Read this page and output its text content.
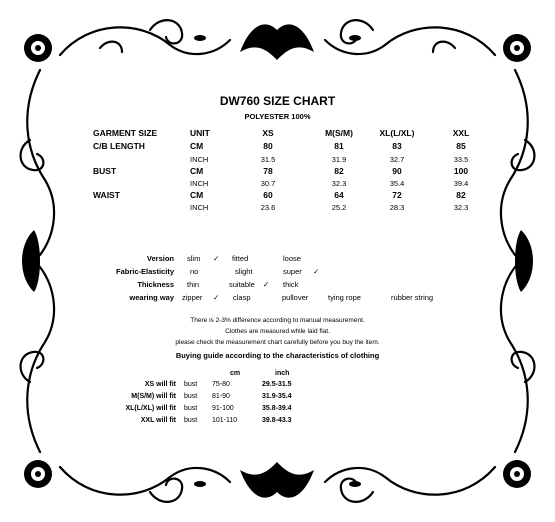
DW760 SIZE CHART
POLYESTER 100%
GARMENT SIZE	UNIT	XS	M(S/M)	XL(L/XL)	XXL
C/B LENGTH	CM	80	81	83	85
INCH	31.5	31.9	32.7	33.5
BUST	CM	78	82	90	100
INCH	30.7	32.3	35.4	39.4
WAIST	CM	60	64	72	82
INCH	23.6	25.2	28.3	32.3
Version slim ✓ fitted	loose
Fabric-Elasticity no	slight	super ✓
Thickness thin	suitable ✓ thick
wearing way zipper ✓ clasp	pullover	tying rope	rubber string
There is 2-3% difference according to manual measurement.
Clothes are measured while laid flat.
please check the measurement chart carefully before you buy the item.
Buying guide according to the characteristics of clothing
cm	inch
XS will fit bust 75-80	29.5-31.5
M(S/M) will fit bust 81-90	31.9-35.4
XL(L/XL) will fit bust 91-100	35.8-39.4
XXL will fit bust 101-110	39.8-43.3
